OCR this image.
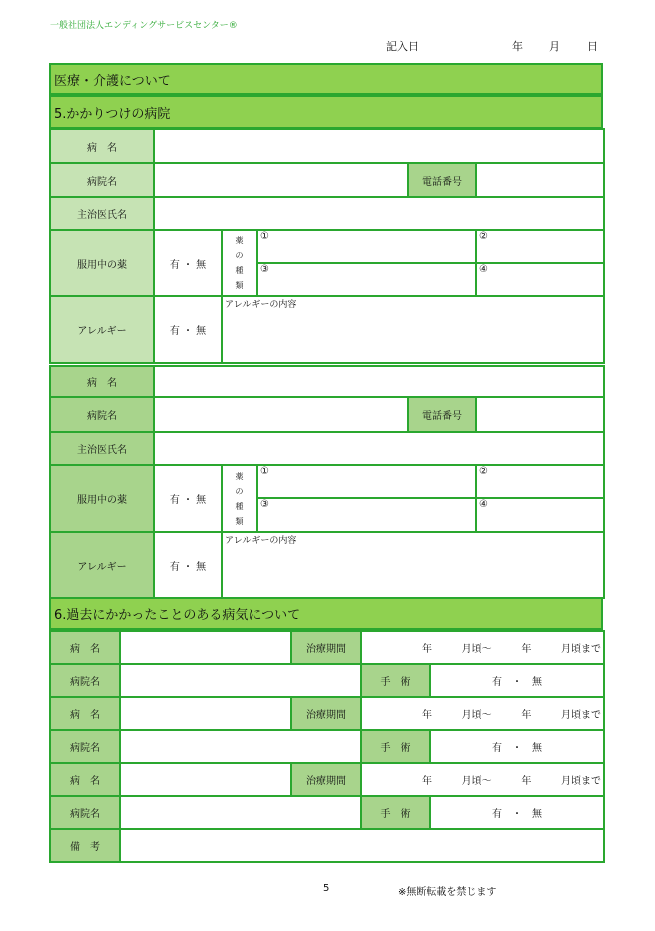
一般社団法人エンディングサービスセンター®
記入日	年 月 日
医療・介護について
5.かかりつけの病院
病　名					
病院名				電話番号	
主治医氏名					
服用中の薬	有 ・ 無	薬
の
種
類	①		②
			③		④
アレルギー	有 ・ 無	アレルギーの内容			
病　名					
病院名				電話番号	
主治医氏名					
服用中の薬	有 ・ 無	薬
の
種
類	①		②
			③		④
アレルギー	有 ・ 無	アレルギーの内容			
6.過去にかかったことのある病気について
病　名		治療期間	年 月頃～ 年 月頃まで	

病院名			手　術	有　・　無
病　名		治療期間	年 月頃～ 年 月頃まで	

病院名			手　術	有　・　無
病　名		治療期間	年 月頃～ 年 月頃まで	

病院名			手　術	有　・　無
備　考				
5	※無断転載を禁じます
